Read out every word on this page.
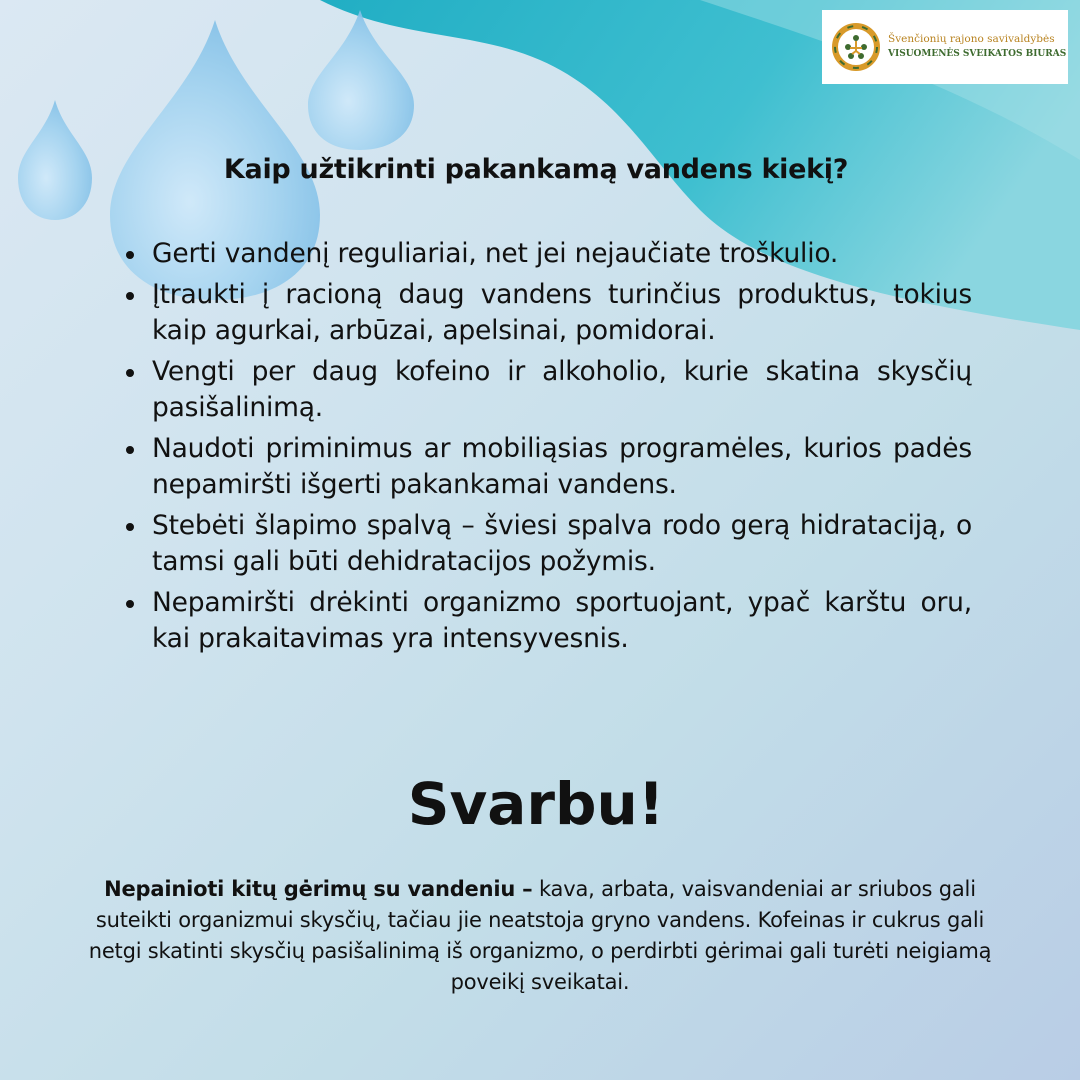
Švenčionių rajono savivaldybės
VISUOMENĖS SVEIKATOS BIURAS
Kaip užtikrinti pakankamą vandens kiekį?
Gerti vandenį reguliariai, net jei nejaučiate troškulio.
Įtraukti į racioną daug vandens turinčius produktus, tokius kaip agurkai, arbūzai, apelsinai, pomidorai.
Vengti per daug kofeino ir alkoholio, kurie skatina skysčių pasišalinimą.
Naudoti priminimus ar mobiliąsias programėles, kurios padės nepamiršti išgerti pakankamai vandens.
Stebėti šlapimo spalvą – šviesi spalva rodo gerą hidrataciją, o tamsi gali būti dehidratacijos požymis.
Nepamiršti drėkinti organizmo sportuojant, ypač karštu oru, kai prakaitavimas yra intensyvesnis.
Svarbu!

Nepainioti kitų gėrimų su vandeniu – kava, arbata, vaisvandeniai ar sriubos gali suteikti organizmui skysčių, tačiau jie neatstoja gryno vandens. Kofeinas ir cukrus gali netgi skatinti skysčių pasišalinimą iš organizmo, o perdirbti gėrimai gali turėti neigiamą poveikį sveikatai.
